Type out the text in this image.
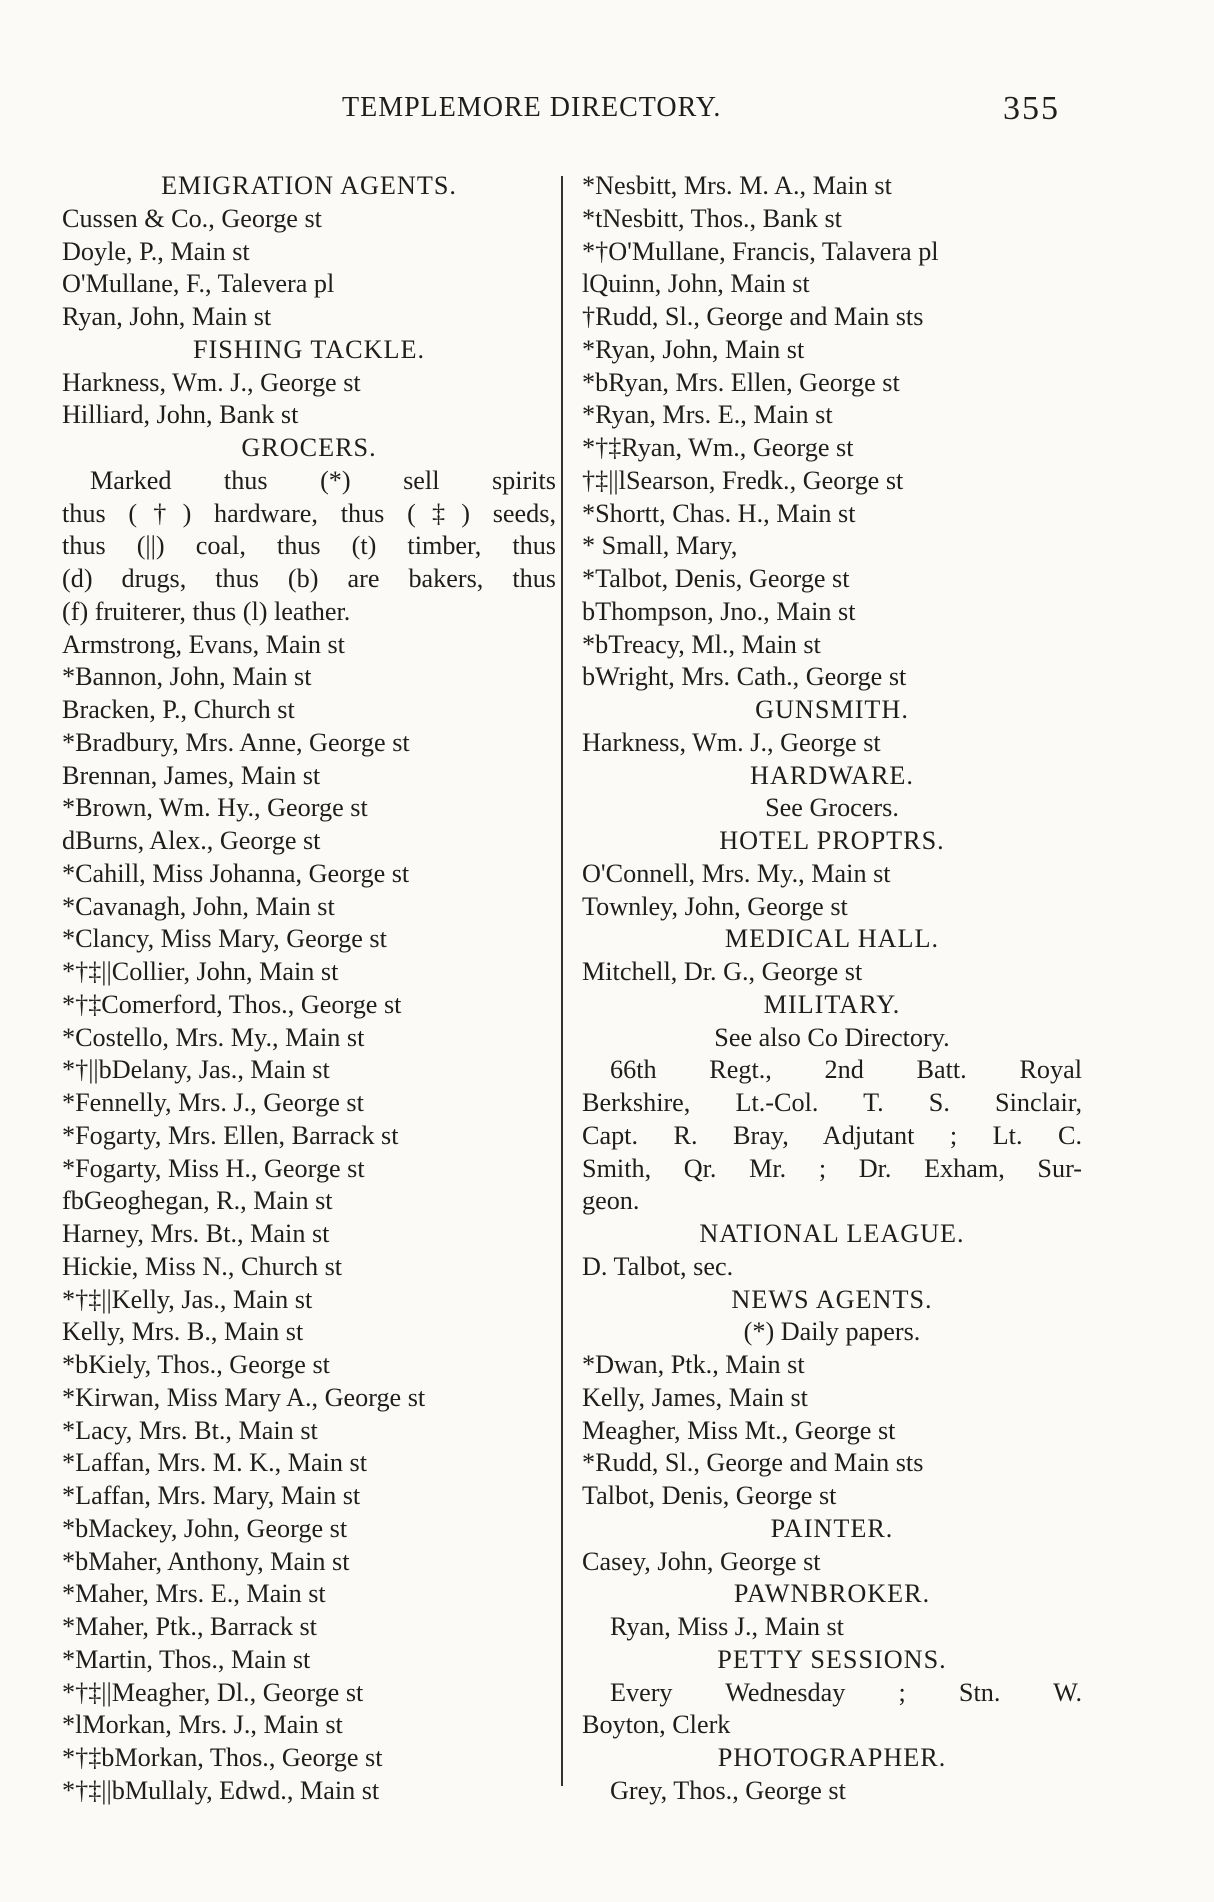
TEMPLEMORE DIRECTORY.	355
EMIGRATION AGENTS.
Cussen & Co., George st
Doyle, P., Main st
O'Mullane, F., Talevera pl
Ryan, John, Main st
FISHING TACKLE.
Harkness, Wm. J., George st
Hilliard, John, Bank st
GROCERS.
Marked thus (*) sell spirits
thus (†) hardware, thus (‡) seeds,
thus (||) coal, thus (t) timber, thus
(d) drugs, thus (b) are bakers, thus
(f) fruiterer, thus (l) leather.
Armstrong, Evans, Main st
*Bannon, John, Main st
Bracken, P., Church st
*Bradbury, Mrs. Anne, George st
Brennan, James, Main st
*Brown, Wm. Hy., George st
dBurns, Alex., George st
*Cahill, Miss Johanna, George st
*Cavanagh, John, Main st
*Clancy, Miss Mary, George st
*†‡||Collier, John, Main st
*†‡Comerford, Thos., George st
*Costello, Mrs. My., Main st
*†||bDelany, Jas., Main st
*Fennelly, Mrs. J., George st
*Fogarty, Mrs. Ellen, Barrack st
*Fogarty, Miss H., George st
fbGeoghegan, R., Main st
Harney, Mrs. Bt., Main st
Hickie, Miss N., Church st
*†‡||Kelly, Jas., Main st
Kelly, Mrs. B., Main st
*bKiely, Thos., George st
*Kirwan, Miss Mary A., George st
*Lacy, Mrs. Bt., Main st
*Laffan, Mrs. M. K., Main st
*Laffan, Mrs. Mary, Main st
*bMackey, John, George st
*bMaher, Anthony, Main st
*Maher, Mrs. E., Main st
*Maher, Ptk., Barrack st
*Martin, Thos., Main st
*†‡||Meagher, Dl., George st
*lMorkan, Mrs. J., Main st
*†‡bMorkan, Thos., George st
*†‡||bMullaly, Edwd., Main st
*Nesbitt, Mrs. M. A., Main st
*tNesbitt, Thos., Bank st
*†O'Mullane, Francis, Talavera pl
lQuinn, John, Main st
†Rudd, Sl., George and Main sts
*Ryan, John, Main st
*bRyan, Mrs. Ellen, George st
*Ryan, Mrs. E., Main st
*†‡Ryan, Wm., George st
†‡||lSearson, Fredk., George st
*Shortt, Chas. H., Main st
* Small, Mary,
*Talbot, Denis, George st
bThompson, Jno., Main st
*bTreacy, Ml., Main st
bWright, Mrs. Cath., George st
GUNSMITH.
Harkness, Wm. J., George st
HARDWARE.
See Grocers.
HOTEL PROPTRS.
O'Connell, Mrs. My., Main st
Townley, John, George st
MEDICAL HALL.
Mitchell, Dr. G., George st
MILITARY.
See also Co Directory.
66th Regt., 2nd Batt. Royal
Berkshire, Lt.-Col. T. S. Sinclair,
Capt. R. Bray, Adjutant ; Lt. C.
Smith, Qr. Mr. ; Dr. Exham, Sur-
geon.
NATIONAL LEAGUE.
D. Talbot, sec.
NEWS AGENTS.
(*) Daily papers.
*Dwan, Ptk., Main st
Kelly, James, Main st
Meagher, Miss Mt., George st
*Rudd, Sl., George and Main sts
Talbot, Denis, George st
PAINTER.
Casey, John, George st
PAWNBROKER.
Ryan, Miss J., Main st
PETTY SESSIONS.
Every Wednesday ; Stn. W.
Boyton, Clerk
PHOTOGRAPHER.
Grey, Thos., George st
